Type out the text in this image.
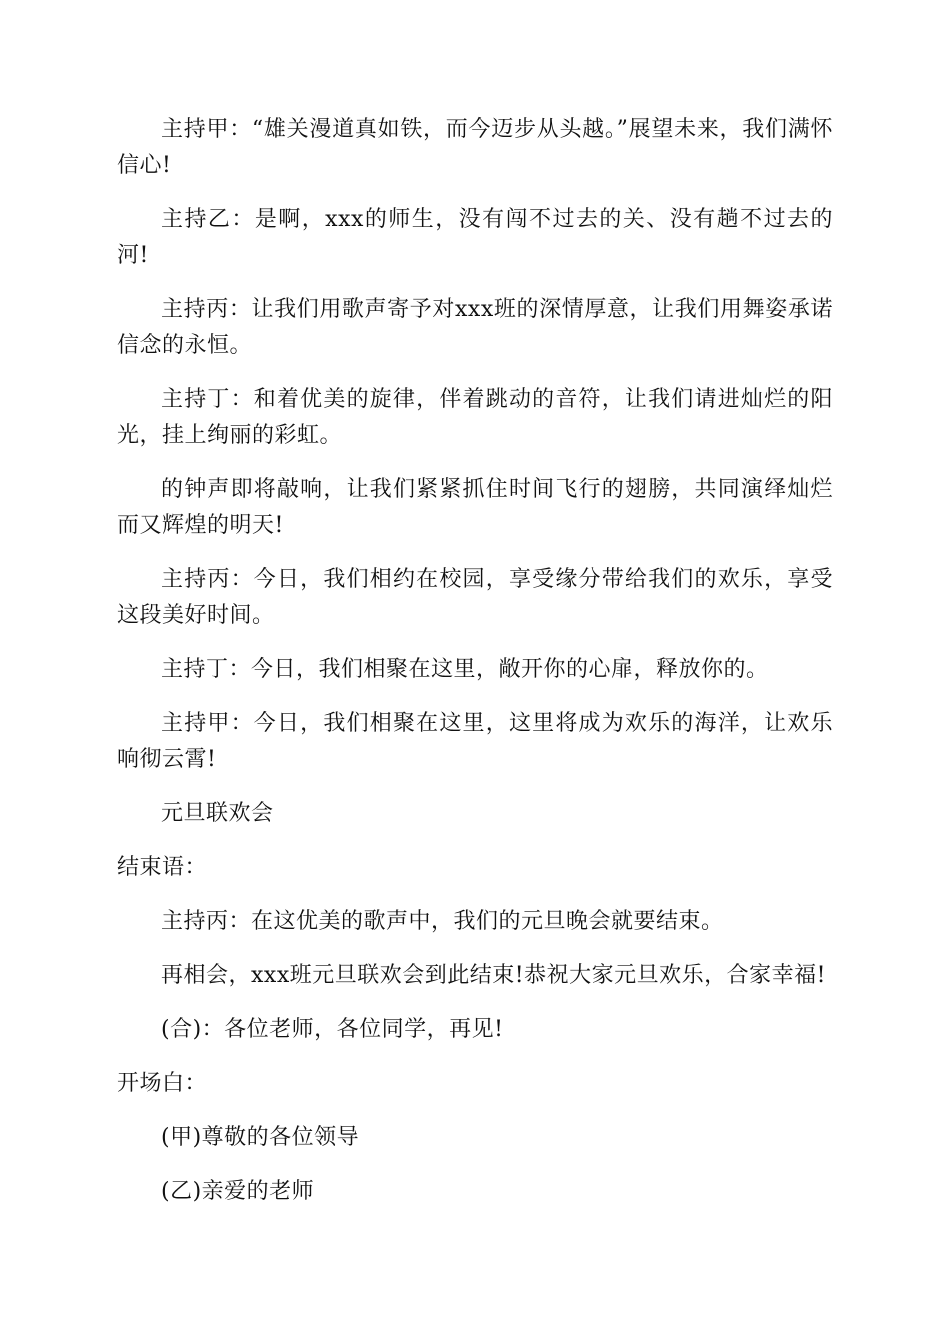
主持甲：“雄关漫道真如铁，而今迈步从头越。”展望未来，我们满怀信心!

主持乙：是啊，xxx的师生，没有闯不过去的关、没有趟不过去的河!

主持丙：让我们用歌声寄予对xxx班的深情厚意，让我们用舞姿承诺信念的永恒。

主持丁：和着优美的旋律，伴着跳动的音符，让我们请进灿烂的阳光，挂上绚丽的彩虹。

的钟声即将敲响，让我们紧紧抓住时间飞行的翅膀，共同演绎灿烂而又辉煌的明天!

主持丙：今日，我们相约在校园，享受缘分带给我们的欢乐，享受这段美好时间。

主持丁：今日，我们相聚在这里，敞开你的心扉，释放你的。

主持甲：今日，我们相聚在这里，这里将成为欢乐的海洋，让欢乐响彻云霄!

元旦联欢会

结束语：

主持丙：在这优美的歌声中，我们的元旦晚会就要结束。

再相会，xxx班元旦联欢会到此结束!恭祝大家元旦欢乐，合家幸福!

(合)：各位老师，各位同学，再见!

开场白：

(甲)尊敬的各位领导

(乙)亲爱的老师
